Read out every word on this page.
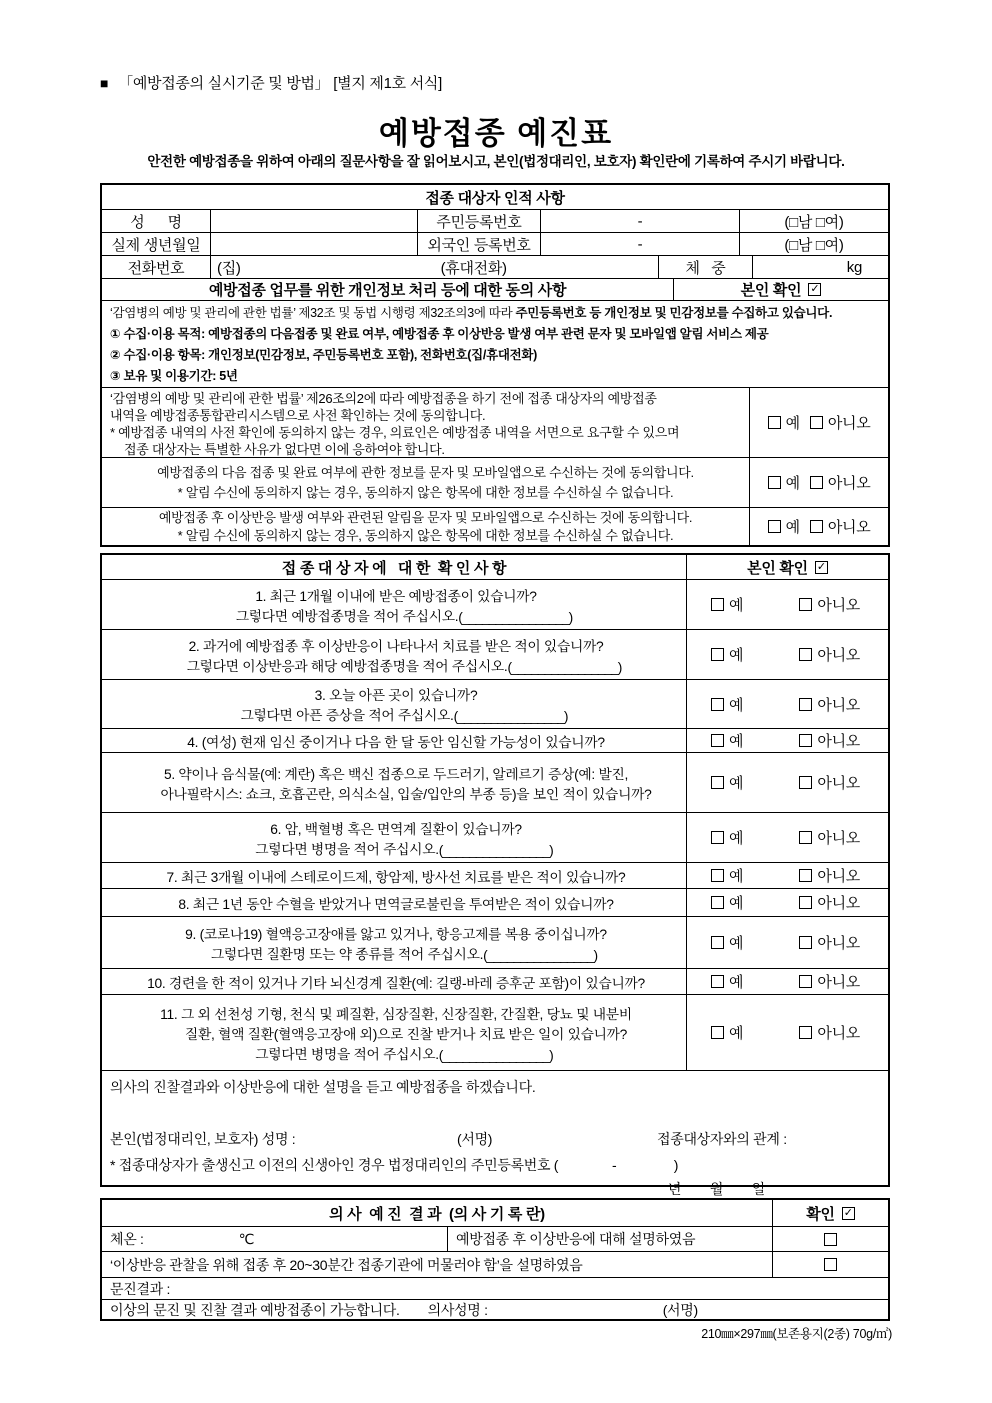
■ 「예방접종의 실시기준 및 방법」 [별지 제1호 서식]
예방접종 예진표
안전한 예방접종을 위하여 아래의 질문사항을 잘 읽어보시고, 본인(법정대리인, 보호자) 확인란에 기록하여 주시기 바랍니다.
접종 대상자 인적 사항
성      명	주민등록번호	-	(□남 □여)
실제 생년월일	외국인 등록번호	-	(□남 □여)
전화번호	(집)	(휴대전화)	체   중	kg
예방접종 업무를 위한 개인정보 처리 등에 대한 동의 사항	본인 확인 ✓
‘감염병의 예방 및 관리에 관한 법률’ 제32조 및 동법 시행령 제32조의3에 따라 주민등록번호 등 개인정보 및 민감정보를 수집하고 있습니다.
① 수집·이용 목적: 예방접종의 다음접종 및 완료 여부, 예방접종 후 이상반응 발생 여부 관련 문자 및 모바일앱 알림 서비스 제공
② 수집·이용 항목: 개인정보(민감정보, 주민등록번호 포함), 전화번호(집/휴대전화)
③ 보유 및 이용기간: 5년
‘감염병의 예방 및 관리에 관한 법률’ 제26조의2에 따라 예방접종을 하기 전에 접종 대상자의 예방접종
내역을 예방접종통합관리시스템으로 사전 확인하는 것에 동의합니다.
* 예방접종 내역의 사전 확인에 동의하지 않는 경우, 의료인은 예방접종 내역을 서면으로 요구할 수 있으며
접종 대상자는 특별한 사유가 없다면 이에 응하여야 합니다.
예 아니오
예방접종의 다음 접종 및 완료 여부에 관한 정보를 문자 및 모바일앱으로 수신하는 것에 동의합니다.
* 알림 수신에 동의하지 않는 경우, 동의하지 않은 항목에 대한 정보를 수신하실 수 없습니다.	예 아니오
예방접종 후 이상반응 발생 여부와 관련된 알림을 문자 및 모바일앱으로 수신하는 것에 동의합니다.
* 알림 수신에 동의하지 않는 경우, 동의하지 않은 항목에 대한 정보를 수신하실 수 없습니다.	예 아니오
접 종 대 상 자 에   대 한  확 인 사 항	본인 확인 ✓
1. 최근 1개월 이내에 받은 예방접종이 있습니까?
그렇다면 예방접종명을 적어 주십시오. (________________)
예	아니오
2. 과거에 예방접종 후 이상반응이 나타나서 치료를 받은 적이 있습니까?
그렇다면 이상반응과 해당 예방접종명을 적어 주십시오. (________________)
예	아니오
3. 오늘 아픈 곳이 있습니까?
그렇다면 아픈 증상을 적어 주십시오. (________________)
예	아니오
4. (여성) 현재 임신 중이거나 다음 한 달 동안 임신할 가능성이 있습니까?	예	아니오
5. 약이나 음식물(예: 계란) 혹은 백신 접종으로 두드러기, 알레르기 증상(예: 발진,
아나필락시스: 쇼크, 호흡곤란, 의식소실, 입술/입안의 부종 등)을 보인 적이 있습니까?
예	아니오
6. 암, 백혈병 혹은 면역계 질환이 있습니까?
그렇다면 병명을 적어 주십시오. (________________)
예	아니오
7. 최근 3개월 이내에 스테로이드제, 항암제, 방사선 치료를 받은 적이 있습니까?	예	아니오
8. 최근 1년 동안 수혈을 받았거나 면역글로불린을 투여받은 적이 있습니까?	예	아니오
9. (코로나19) 혈액응고장애를 앓고 있거나, 항응고제를 복용 중이십니까?
그렇다면 질환명 또는 약 종류를 적어 주십시오. (________________)
예	아니오
10. 경련을 한 적이 있거나 기타 뇌신경계 질환(예: 길랭-바레 증후군 포함)이 있습니까?	예	아니오
11. 그 외 선천성 기형, 천식 및 폐질환, 심장질환, 신장질환, 간질환, 당뇨 및 내분비
질환, 혈액 질환(혈액응고장애 외)으로 진찰 받거나 치료 받은 일이 있습니까?
그렇다면 병명을 적어 주십시오. (________________)
예	아니오
의사의 진찰결과와 이상반응에 대한 설명을 듣고 예방접종을 하겠습니다.
본인(법정대리인, 보호자) 성명 :	(서명)	접종대상자와의 관계 :
* 접종대상자가 출생신고 이전의 신생아인 경우 법정대리인의 주민등록번호 (               -                )
년        월        일
의 사  예 진  결 과  (의 사 기 록 란)	확인 ✓
체온 :	℃	예방접종 후 이상반응에 대해 설명하였음
‘이상반응 관찰을 위해 접종 후 20~30분간 접종기관에 머물러야 함’을 설명하였음
문진결과 :
이상의 문진 및 진찰 결과 예방접종이 가능합니다. 의사성명 :	(서명)
210㎜×297㎜(보존용지(2종) 70g/㎡)
